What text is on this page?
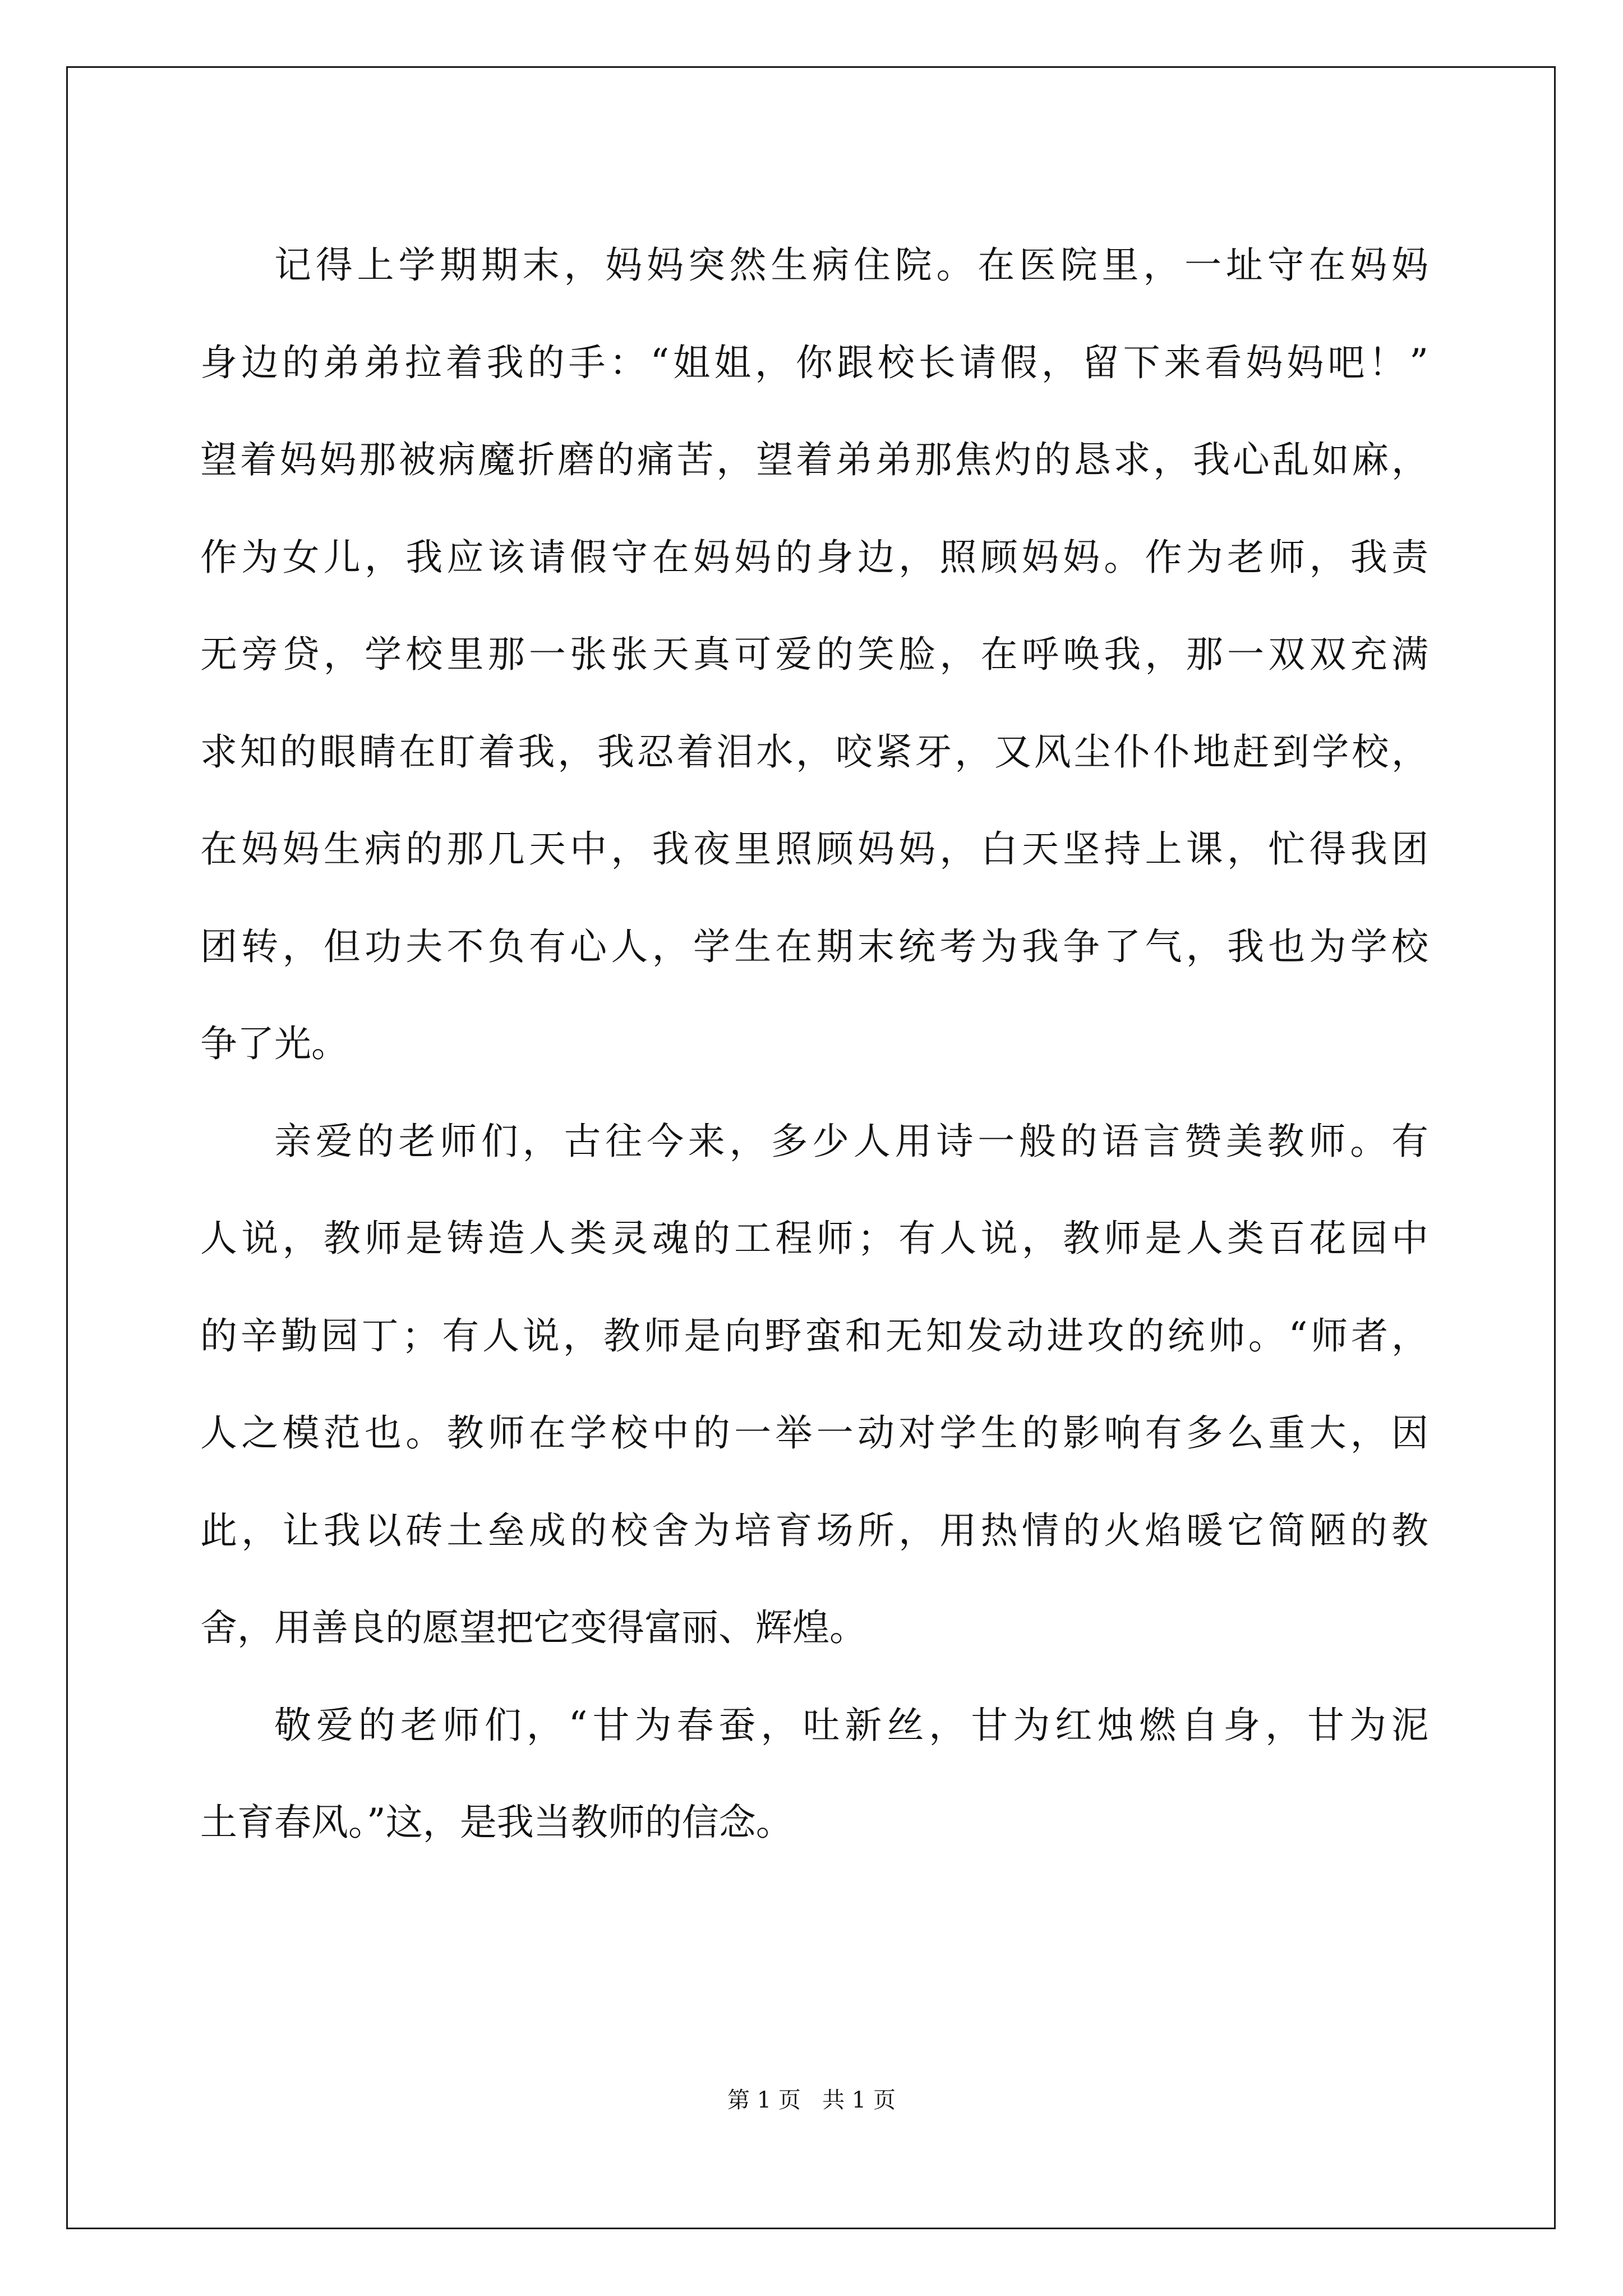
记得上学期期末，妈妈突然生病住院。在医院里，一址守在妈妈
身边的弟弟拉着我的手：“姐姐，你跟校长请假，留下来看妈妈吧！”
望着妈妈那被病魔折磨的痛苦，望着弟弟那焦灼的恳求，我心乱如麻，
作为女儿，我应该请假守在妈妈的身边，照顾妈妈。作为老师，我责
无旁贷，学校里那一张张天真可爱的笑脸，在呼唤我，那一双双充满
求知的眼睛在盯着我，我忍着泪水，咬紧牙，又风尘仆仆地赶到学校，
在妈妈生病的那几天中，我夜里照顾妈妈，白天坚持上课，忙得我团
团转，但功夫不负有心人，学生在期末统考为我争了气，我也为学校
争了光。
亲爱的老师们，古往今来，多少人用诗一般的语言赞美教师。有
人说，教师是铸造人类灵魂的工程师；有人说，教师是人类百花园中
的辛勤园丁；有人说，教师是向野蛮和无知发动进攻的统帅。“师者，
人之模范也。教师在学校中的一举一动对学生的影响有多么重大，因
此，让我以砖土垒成的校舍为培育场所，用热情的火焰暖它简陋的教
舍，用善良的愿望把它变得富丽、辉煌。
敬爱的老师们，“甘为春蚕，吐新丝，甘为红烛燃自身，甘为泥
土育春风。”这，是我当教师的信念。
第 1 页   共 1 页
